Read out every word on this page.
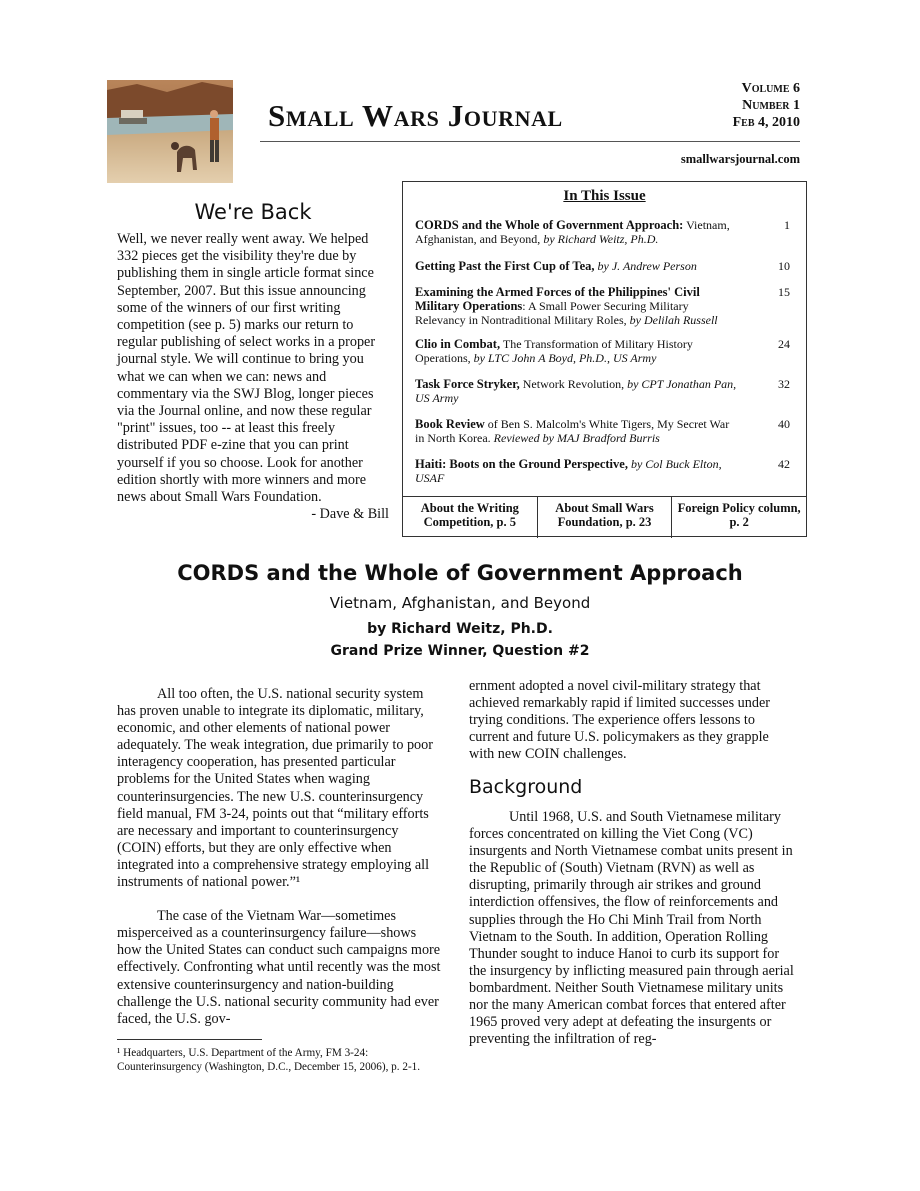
Small Wars Journal
Volume 6
Number 1
Feb 4, 2010
smallwarsjournal.com
We're Back
Well, we never really went away. We helped 332 pieces get the visibility they're due by publishing them in single article format since September, 2007. But this issue announcing some of the winners of our first writing competition (see p. 5) marks our return to regular publishing of select works in a proper journal style. We will continue to bring you what we can when we can: news and commentary via the SWJ Blog, longer pieces via the Journal online, and now these regular "print" issues, too -- at least this freely distributed PDF e-zine that you can print yourself if you so choose. Look for another edition shortly with more winners and more news about Small Wars Foundation.
- Dave & Bill
In This Issue
CORDS and the Whole of Government Approach: Vietnam, Afghanistan, and Beyond, by Richard Weitz, Ph.D.
1
Getting Past the First Cup of Tea, by J. Andrew Person	10
Examining the Armed Forces of the Philippines' Civil Military Operations: A Small Power Securing Military Relevancy in Nontraditional Military Roles, by Delilah Russell
15
Clio in Combat, The Transformation of Military History Operations, by LTC John A Boyd, Ph.D., US Army
24
Task Force Stryker, Network Revolution, by CPT Jonathan Pan, US Army
32
Book Review of Ben S. Malcolm's White Tigers, My Secret War in North Korea. Reviewed by MAJ Bradford Burris
40
Haiti: Boots on the Ground Perspective, by Col Buck Elton, USAF
42
About the Writing Competition, p. 5
About Small Wars Foundation, p. 23
Foreign Policy column, p. 2
CORDS and the Whole of Government Approach
Vietnam, Afghanistan, and Beyond
by Richard Weitz, Ph.D.
Grand Prize Winner, Question #2

All too often, the U.S. national security system has proven unable to integrate its diplomatic, military, economic, and other elements of national power adequately. The weak integration, due primarily to poor interagency cooperation, has presented particular problems for the United States when waging counterinsurgencies. The new U.S. counterinsurgency field manual, FM 3-24, points out that “military efforts are necessary and important to counterinsurgency (COIN) efforts, but they are only effective when integrated into a comprehensive strategy employing all instruments of national power.”¹

The case of the Vietnam War—sometimes misperceived as a counterinsurgency failure—shows how the United States can conduct such campaigns more effectively. Confronting what until recently was the most extensive counterinsurgency and nation-building challenge the U.S. national security community had ever faced, the U.S. gov-

¹ Headquarters, U.S. Department of the Army, FM 3-24: Counterinsurgency (Washington, D.C., December 15, 2006), p. 2-1.

ernment adopted a novel civil-military strategy that achieved remarkably rapid if limited successes under trying conditions. The experience offers lessons to current and future U.S. policymakers as they grapple with new COIN challenges.

Background

Until 1968, U.S. and South Vietnamese military forces concentrated on killing the Viet Cong (VC) insurgents and North Vietnamese combat units present in the Republic of (South) Vietnam (RVN) as well as disrupting, primarily through air strikes and ground interdiction offensives, the flow of reinforcements and supplies through the Ho Chi Minh Trail from North Vietnam to the South. In addition, Operation Rolling Thunder sought to induce Hanoi to curb its support for the insurgency by inflicting measured pain through aerial bombardment. Neither South Vietnamese military units nor the many American combat forces that entered after 1965 proved very adept at defeating the insurgents or preventing the infiltration of reg-
